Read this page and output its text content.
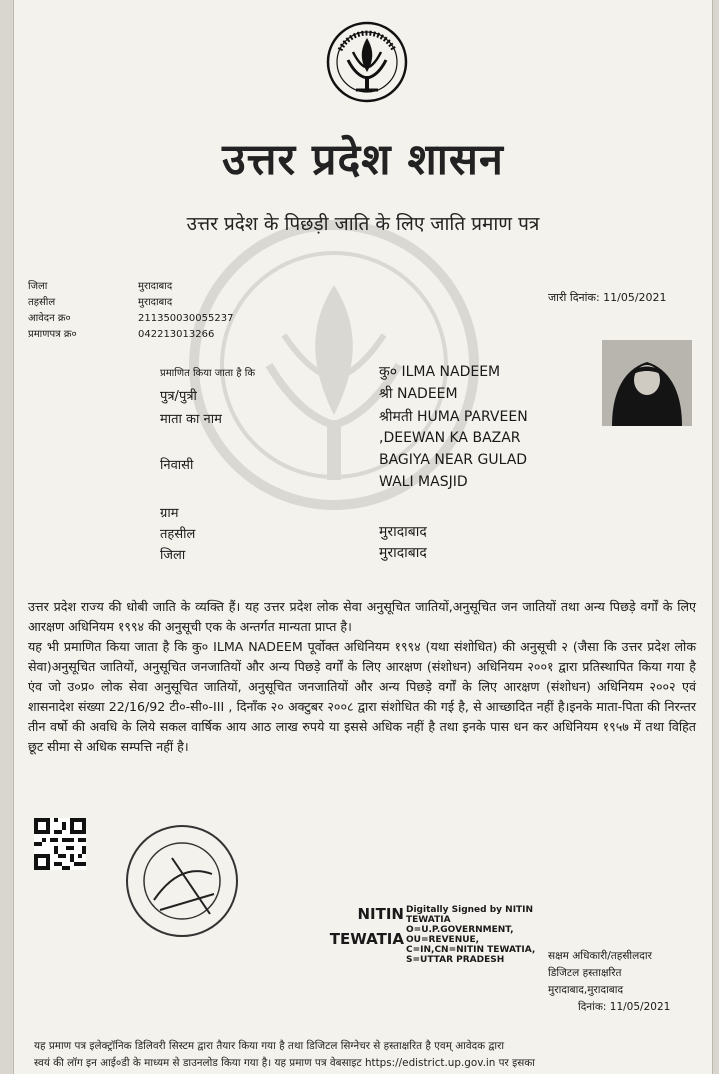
उत्तर प्रदेश शासन
उत्तर प्रदेश के पिछड़ी जाति के लिए जाति प्रमाण पत्र
जिला	मुरादाबाद
तहसील	मुरादाबाद
आवेदन क्र०	211350030055237
प्रमाणपत्र क्र०	042213013266
जारी दिनांक: 11/05/2021
प्रमाणित किया जाता है कि	कु० ILMA NADEEM
पुत्र/पुत्री	श्री NADEEM
माता का नाम	श्रीमती HUMA PARVEEN
,DEEWAN KA BAZAR
निवासी	BAGIYA NEAR GULAD
WALI MASJID
ग्राम
तहसील	मुरादाबाद
जिला	मुरादाबाद

उत्तर प्रदेश राज्य की धोबी जाति के व्यक्ति हैं। यह उत्तर प्रदेश लोक सेवा अनुसूचित जातियों,अनुसूचित जन जातियों तथा अन्य पिछड़े वर्गों के लिए आरक्षण अधिनियम १९९४ की अनुसूची एक के अन्तर्गत मान्यता प्राप्त है।

यह भी प्रमाणित किया जाता है कि कु० ILMA NADEEM पूर्वोक्त अधिनियम १९९४ (यथा संशोधित) की अनुसूची २ (जैसा कि उत्तर प्रदेश लोक सेवा)अनुसूचित जातियों, अनुसूचित जनजातियों और अन्य पिछड़े वर्गों के लिए आरक्षण (संशोधन) अधिनियम २००१ द्वारा प्रतिस्थापित किया गया है एंव जो उ०प्र० लोक सेवा अनुसूचित जातियों, अनुसूचित जनजातियों और अन्य पिछड़े वर्गों के लिए आरक्षण (संशोधन) अधिनियम २००२ एवं शासनादेश संख्या 22/16/92 टी०-सी०-III , दिनाँक २० अक्टुबर २००८ द्वारा संशोधित की गई है, से आच्छादित नहीं है।इनके माता-पिता की निरन्तर तीन वर्षो की अवधि के लिये सकल वार्षिक आय आठ लाख रुपये या इससे अधिक नहीं है तथा इनके पास धन कर अधिनियम १९५७ में तथा विहित छूट सीमा से अधिक सम्पत्ति नहीं है।

NITIN
TEWATIA
Digitally Signed by NITIN TEWATIA O=U.P.GOVERNMENT, OU=REVENUE, C=IN,CN=NITIN TEWATIA, S=UTTAR PRADESH	सक्षम अधिकारी/तहसीलदार
डिजिटल हस्ताक्षरित
मुरादाबाद,मुरादाबाद
दिनांक: 11/05/2021
यह प्रमाण पत्र इलेक्ट्रॉनिक डिलिवरी सिस्टम द्वारा तैयार किया गया है तथा डिजिटल सिग्नेचर से हस्ताक्षरित है एवम् आवेदक द्वारा
स्वयं की लॉग इन आई०डी के माध्यम से डाउनलोड किया गया है। यह प्रमाण पत्र वेबसाइट https://edistrict.up.gov.in पर इसका
